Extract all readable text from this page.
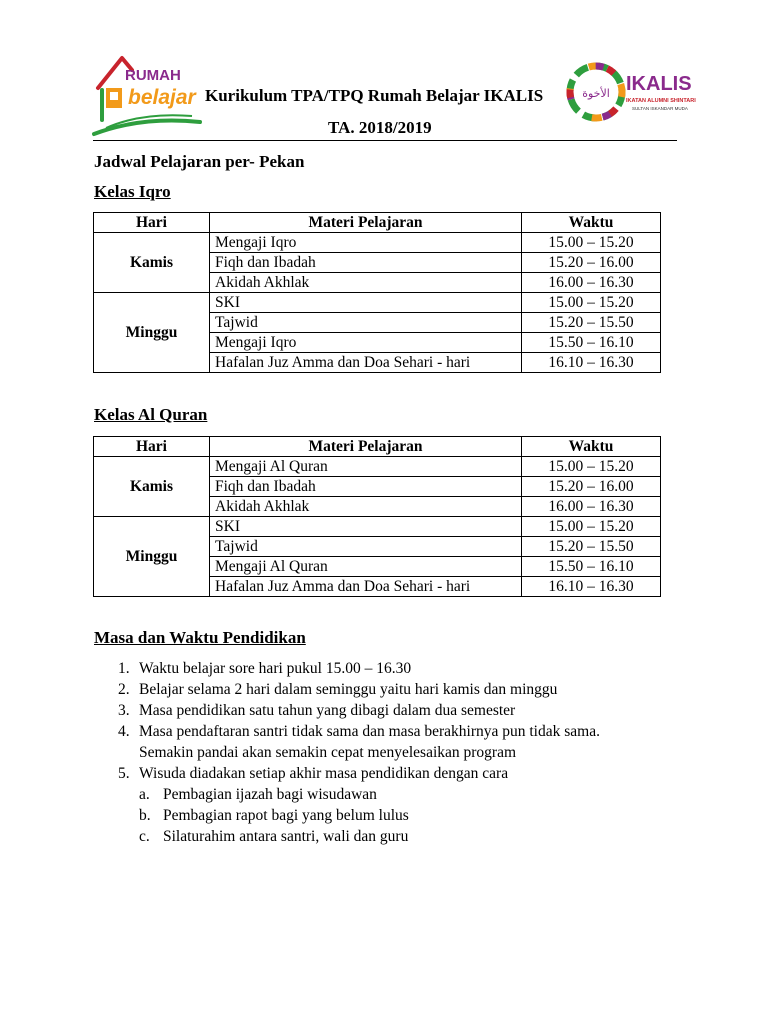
RUMAH
belajar Kurikulum TPA/TPQ Rumah Belajar IKALIS
TA. 2018/2019
الأخوة IKALIS
IKATAN ALUMNI SHINTARI
SULTAN ISKANDAR MUDA
Jadwal Pelajaran per- Pekan
Kelas Iqro
Hari	Materi Pelajaran	Waktu
Kamis	Mengaji Iqro	15.00 – 15.20
	Fiqh dan Ibadah	15.20 – 16.00
	Akidah Akhlak	16.00 – 16.30
Minggu	SKI	15.00 – 15.20
	Tajwid	15.20 – 15.50
	Mengaji Iqro	15.50 – 16.10
	Hafalan Juz Amma dan Doa Sehari - hari	16.10 – 16.30
Kelas Al Quran
Hari	Materi Pelajaran	Waktu
Kamis	Mengaji Al Quran	15.00 – 15.20
	Fiqh dan Ibadah	15.20 – 16.00
	Akidah Akhlak	16.00 – 16.30
Minggu	SKI	15.00 – 15.20
	Tajwid	15.20 – 15.50
	Mengaji Al Quran	15.50 – 16.10
	Hafalan Juz Amma dan Doa Sehari - hari	16.10 – 16.30
Masa dan Waktu Pendidikan
1. Waktu belajar sore hari pukul 15.00 – 16.30
2. Belajar selama 2 hari dalam seminggu yaitu hari kamis dan minggu
3. Masa pendidikan satu tahun yang dibagi dalam dua semester
4. Masa pendaftaran santri tidak sama dan masa berakhirnya pun tidak sama.
Semakin pandai akan semakin cepat menyelesaikan program
5. Wisuda diadakan setiap akhir masa pendidikan dengan cara
a. Pembagian ijazah bagi wisudawan
b. Pembagian rapot bagi yang belum lulus
c. Silaturahim antara santri, wali dan guru
